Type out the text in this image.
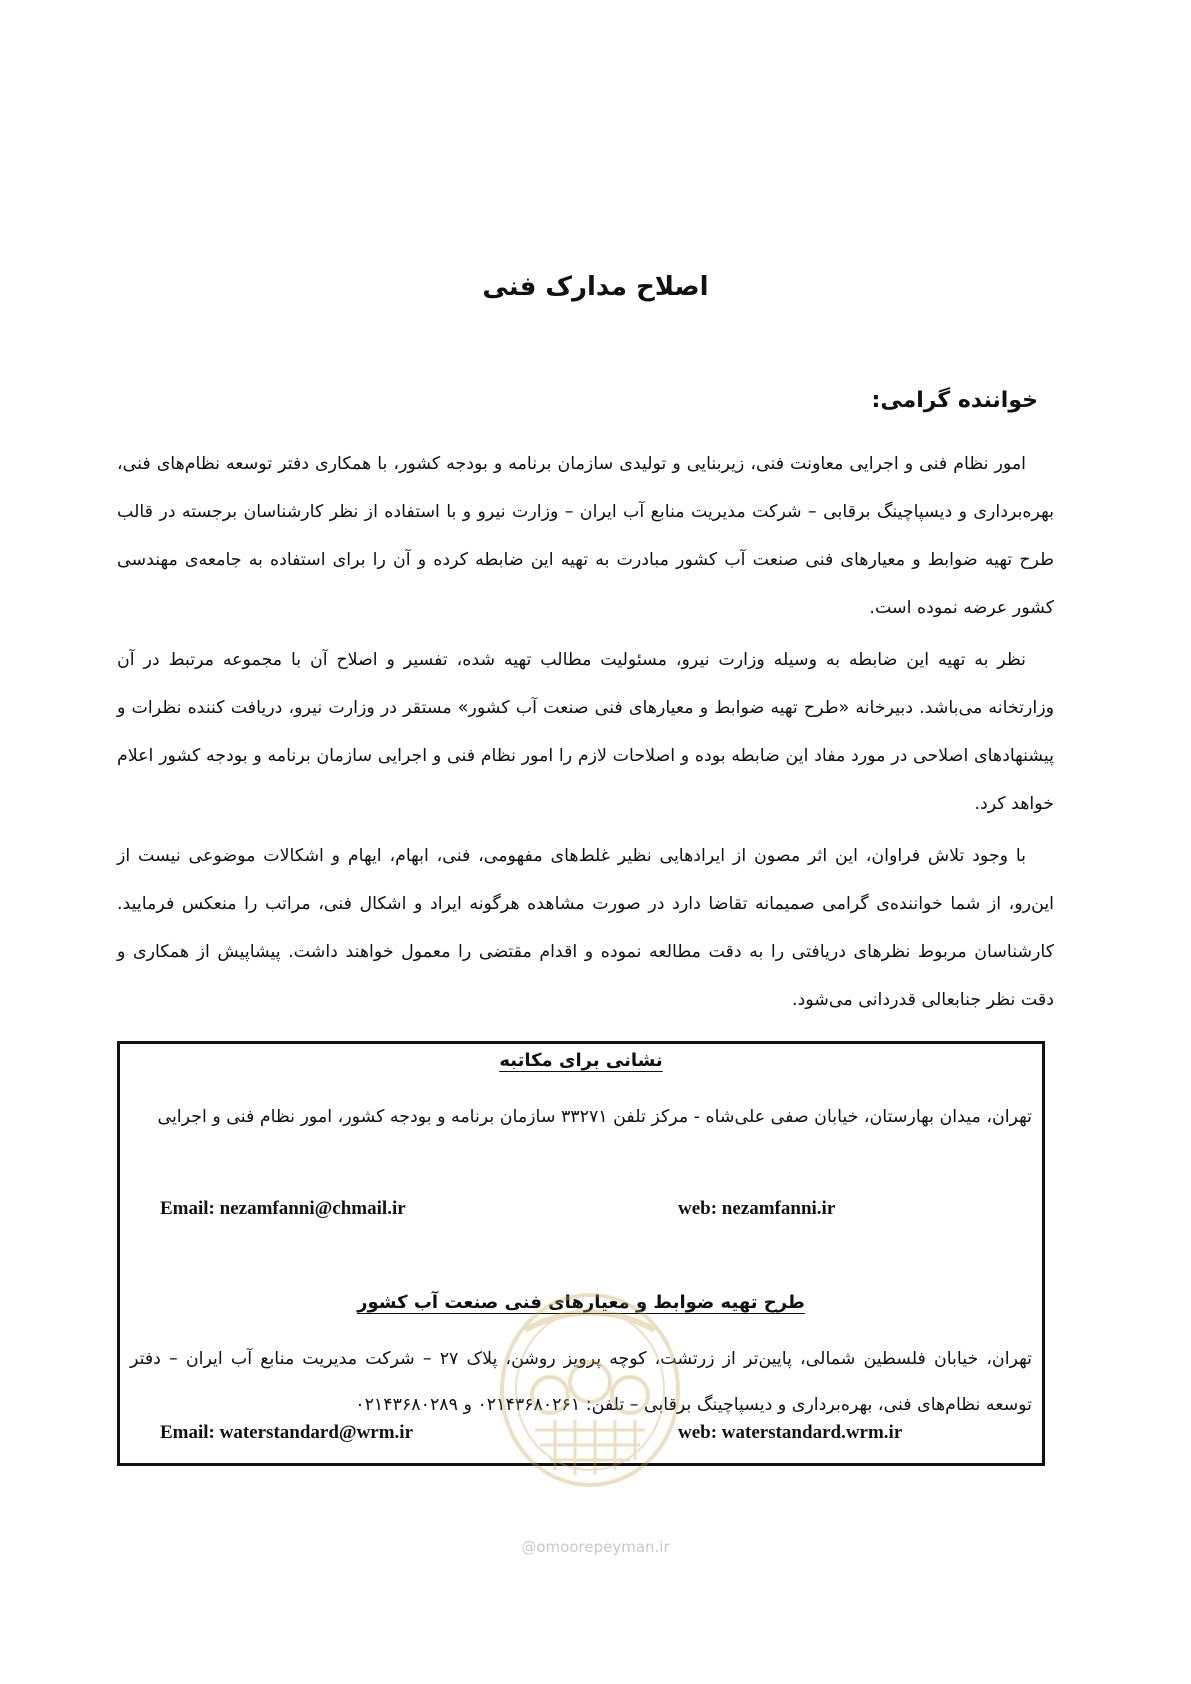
اصلاح مدارک فنی
خواننده گرامی:

امور نظام فنی و اجرایی معاونت فنی، زیربنایی و تولیدی سازمان برنامه و بودجه کشور، با همکاری دفتر توسعه نظام‌های فنی، بهره‌برداری و دیسپاچینگ برقابی – شرکت مدیریت منابع آب ایران – وزارت نیرو و با استفاده از نظر کارشناسان برجسته در قالب طرح تهیه ضوابط و معیارهای فنی صنعت آب کشور مبادرت به تهیه این ضابطه کرده و آن را برای استفاده به جامعه‌ی مهندسی کشور عرضه نموده است.

نظر به تهیه این ضابطه به وسیله وزارت نیرو، مسئولیت مطالب تهیه شده، تفسیر و اصلاح آن با مجموعه مرتبط در آن وزارتخانه می‌باشد. دبیرخانه «طرح تهیه ضوابط و معیارهای فنی صنعت آب کشور» مستقر در وزارت نیرو، دریافت کننده نظرات و پیشنهادهای اصلاحی در مورد مفاد این ضابطه بوده و اصلاحات لازم را امور نظام فنی و اجرایی سازمان برنامه و بودجه کشور اعلام خواهد کرد.

با وجود تلاش فراوان، این اثر مصون از ایرادهایی نظیر غلط‌های مفهومی، فنی، ابهام، ایهام و اشکالات موضوعی نیست از این‌رو، از شما خواننده‌ی گرامی صمیمانه تقاضا دارد در صورت مشاهده هرگونه ایراد و اشکال فنی، مراتب را منعکس فرمایید. کارشناسان مربوط نظرهای دریافتی را به دقت مطالعه نموده و اقدام مقتضی را معمول خواهند داشت. پیشاپیش از همکاری و دقت نظر جنابعالی قدردانی می‌شود.

نشانی برای مکاتبه
تهران، میدان بهارستان، خیابان صفی علی‌شاه - مرکز تلفن ۳۳۲۷۱ سازمان برنامه و بودجه کشور، امور نظام فنی و اجرایی
Email: nezamfanni@chmail.ir	web: nezamfanni.ir
طرح تهیه ضوابط و معیارهای فنی صنعت آب کشور
تهران، خیابان فلسطین شمالی، پایین‌تر از زرتشت، کوچه پرویز روشن، پلاک ۲۷ – شرکت مدیریت منابع آب ایران – دفتر توسعه نظام‌های فنی، بهره‌برداری و دیسپاچینگ برقابی – تلفن: ۰۲۱۴۳۶۸۰۲۶۱ و ۰۲۱۴۳۶۸۰۲۸۹
Email: waterstandard@wrm.ir	web: waterstandard.wrm.ir
@omoorepeyman.ir
